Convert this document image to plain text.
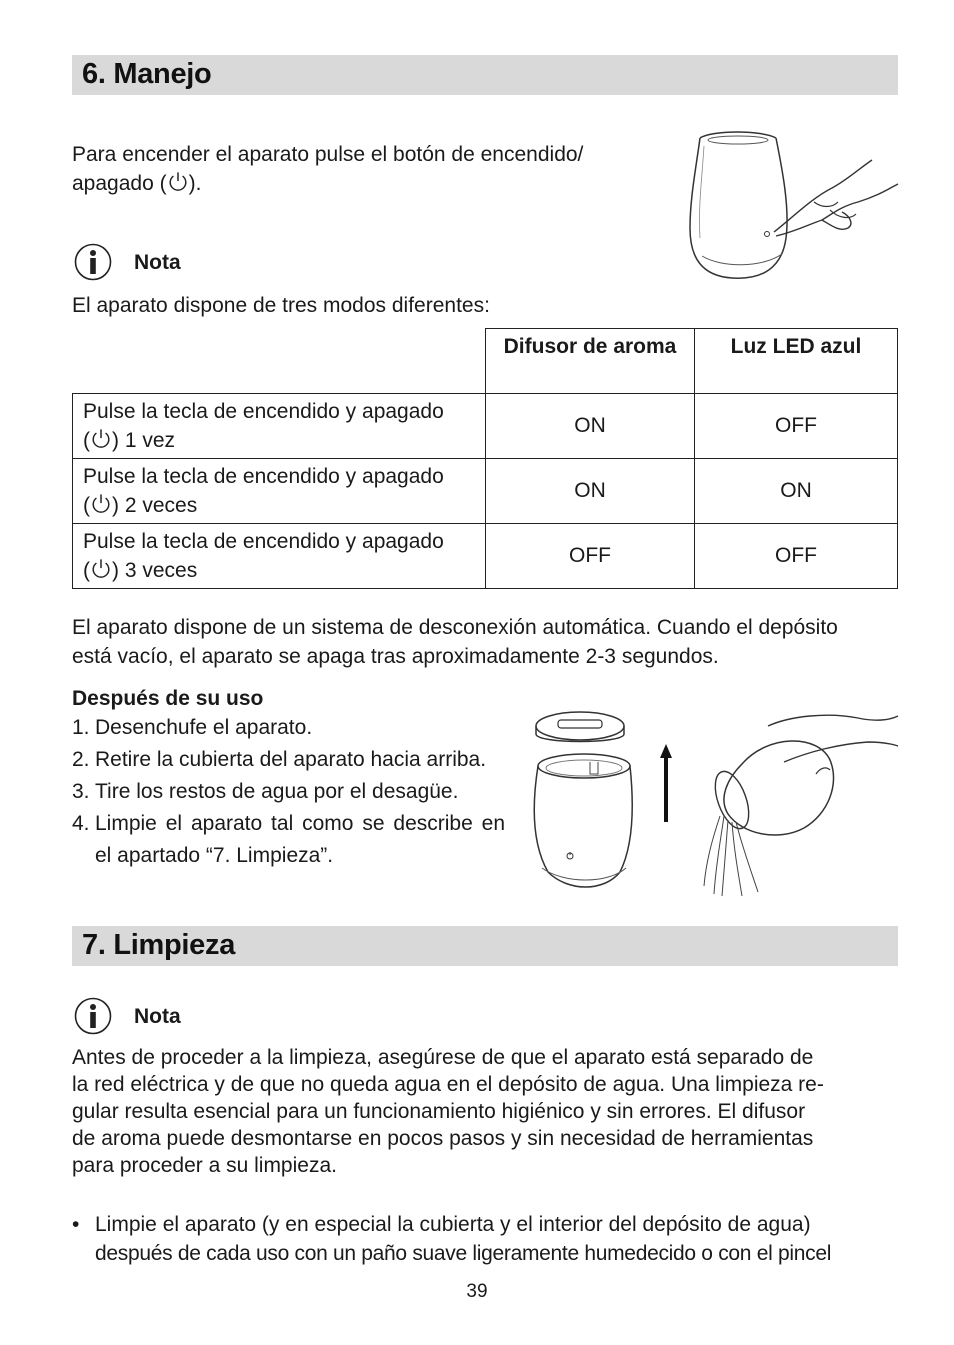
6. Manejo
Para encender el aparato pulse el botón de encendido/
apagado ( ).
Nota
El aparato dispone de tres modos diferentes:
	Difusor de aroma	Luz LED azul

Pulse la tecla de encendido y apagado
( ) 1 vez	ON	OFF

Pulse la tecla de encendido y apagado
( ) 2 veces	ON	ON

Pulse la tecla de encendido y apagado
( ) 3 veces	OFF	OFF
El aparato dispone de un sistema de desconexión automática. Cuando el depósito
está vacío, el aparato se apaga tras aproximadamente 2-3 segundos.
Después de su uso
1. Desenchufe el aparato.
2. Retire la cubierta del aparato hacia arriba.
3. Tire los restos de agua por el desagüe.
4. Limpie el aparato tal como se describe en el apartado “7. Limpieza”.
7. Limpieza
Nota
Antes de proceder a la limpieza, asegúrese de que el aparato está separado de
la red eléctrica y de que no queda agua en el depósito de agua. Una limpieza re-
gular resulta esencial para un funcionamiento higiénico y sin errores. El difusor
de aroma puede desmontarse en pocos pasos y sin necesidad de herramientas
para proceder a su limpieza.
• Limpie el aparato (y en especial la cubierta y el interior del depósito de agua)
después de cada uso con un paño suave ligeramente humedecido o con el pincel
39
